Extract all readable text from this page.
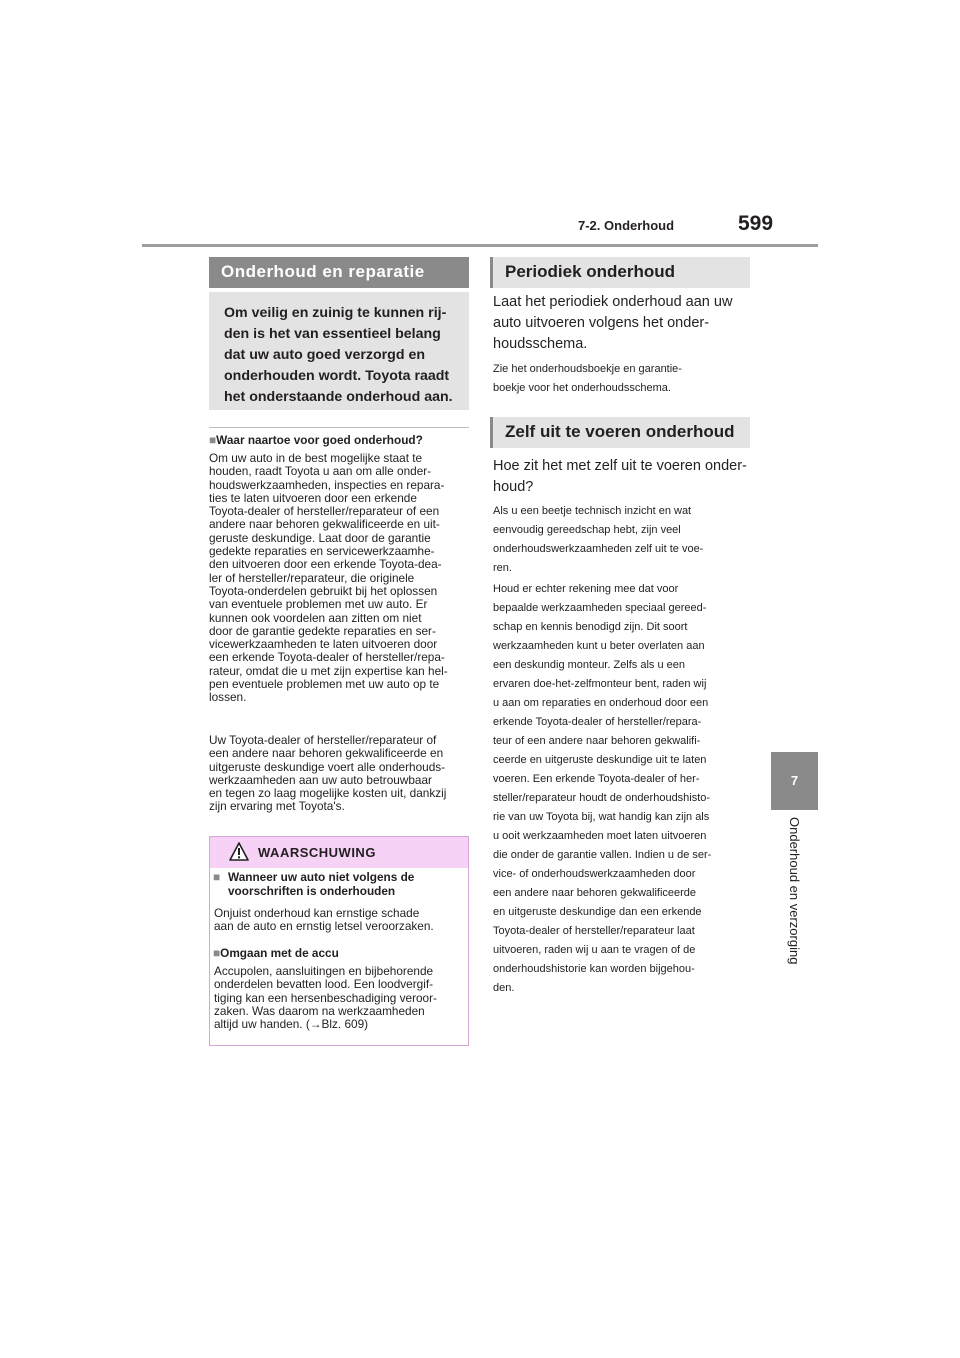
7-2. Onderhoud	599
7
Onderhoud en verzorging
Onderhoud en reparatie
Om veilig en zuinig te kunnen rij-
den is het van essentieel belang
dat uw auto goed verzorgd en
onderhouden wordt. Toyota raadt
het onderstaande onderhoud aan.
■Waar naartoe voor goed onderhoud?
Om uw auto in de best mogelijke staat te
houden, raadt Toyota u aan om alle onder-
houdswerkzaamheden, inspecties en repara-
ties te laten uitvoeren door een erkende
Toyota-dealer of hersteller/reparateur of een
andere naar behoren gekwalificeerde en uit-
geruste deskundige. Laat door de garantie
gedekte reparaties en servicewerkzaamhe-
den uitvoeren door een erkende Toyota-dea-
ler of hersteller/reparateur, die originele
Toyota-onderdelen gebruikt bij het oplossen
van eventuele problemen met uw auto. Er
kunnen ook voordelen aan zitten om niet
door de garantie gedekte reparaties en ser-
vicewerkzaamheden te laten uitvoeren door
een erkende Toyota-dealer of hersteller/repa-
rateur, omdat die u met zijn expertise kan hel-
pen eventuele problemen met uw auto op te
lossen.
Uw Toyota-dealer of hersteller/reparateur of
een andere naar behoren gekwalificeerde en
uitgeruste deskundige voert alle onderhouds-
werkzaamheden aan uw auto betrouwbaar
en tegen zo laag mogelijke kosten uit, dankzij
zijn ervaring met Toyota's.
WAARSCHUWING
■ Wanneer uw auto niet volgens de
voorschriften is onderhouden
Onjuist onderhoud kan ernstige schade
aan de auto en ernstig letsel veroorzaken.
■Omgaan met de accu
Accupolen, aansluitingen en bijbehorende
onderdelen bevatten lood. Een loodvergif-
tiging kan een hersenbeschadiging veroor-
zaken. Was daarom na werkzaamheden
altijd uw handen. (→Blz. 609)
Periodiek onderhoud
Laat het periodiek onderhoud aan uw
auto uitvoeren volgens het onder-
houdsschema.
Zie het onderhoudsboekje en garantie-
boekje voor het onderhoudsschema.
Zelf uit te voeren onderhoud
Hoe zit het met zelf uit te voeren onder-
houd?
Als u een beetje technisch inzicht en wat
eenvoudig gereedschap hebt, zijn veel
onderhoudswerkzaamheden zelf uit te voe-
ren.
Houd er echter rekening mee dat voor
bepaalde werkzaamheden speciaal gereed-
schap en kennis benodigd zijn. Dit soort
werkzaamheden kunt u beter overlaten aan
een deskundig monteur. Zelfs als u een
ervaren doe-het-zelfmonteur bent, raden wij
u aan om reparaties en onderhoud door een
erkende Toyota-dealer of hersteller/repara-
teur of een andere naar behoren gekwalifi-
ceerde en uitgeruste deskundige uit te laten
voeren. Een erkende Toyota-dealer of her-
steller/reparateur houdt de onderhoudshisto-
rie van uw Toyota bij, wat handig kan zijn als
u ooit werkzaamheden moet laten uitvoeren
die onder de garantie vallen. Indien u de ser-
vice- of onderhoudswerkzaamheden door
een andere naar behoren gekwalificeerde
en uitgeruste deskundige dan een erkende
Toyota-dealer of hersteller/reparateur laat
uitvoeren, raden wij u aan te vragen of de
onderhoudshistorie kan worden bijgehou-
den.
